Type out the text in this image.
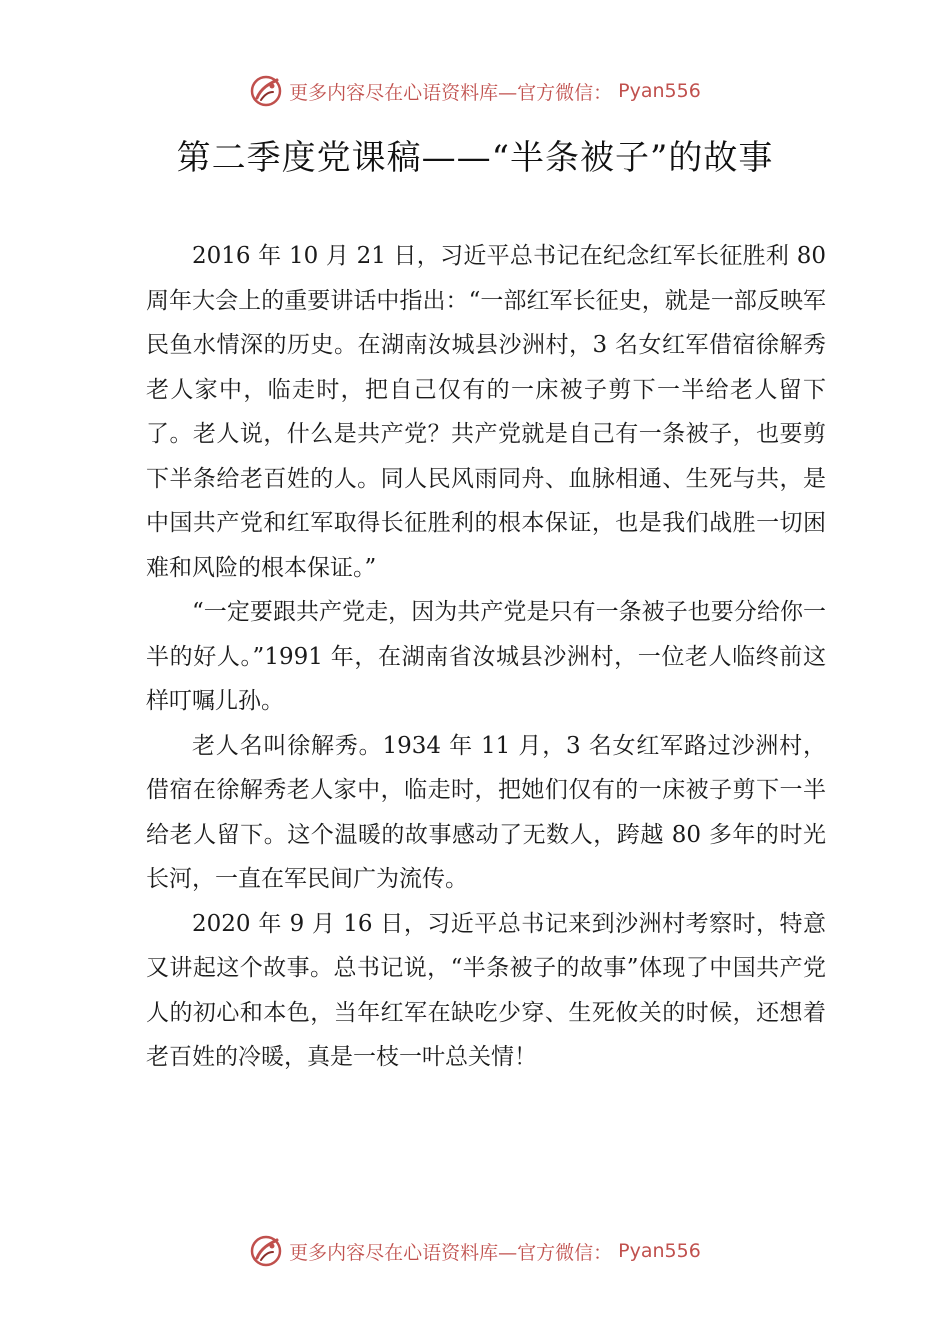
更多内容尽在心语资料库—官方微信： Pyan556
第二季度党课稿——“半条被子”的故事

2016 年 10 月 21 日，习近平总书记在纪念红军长征胜利 80 周年大会上的重要讲话中指出：“一部红军长征史，就是一部反映军民鱼水情深的历史。在湖南汝城县沙洲村，3 名女红军借宿徐解秀老人家中，临走时，把自己仅有的一床被子剪下一半给老人留下了。老人说，什么是共产党？共产党就是自己有一条被子，也要剪下半条给老百姓的人。同人民风雨同舟、血脉相通、生死与共，是中国共产党和红军取得长征胜利的根本保证，也是我们战胜一切困难和风险的根本保证。”

“一定要跟共产党走，因为共产党是只有一条被子也要分给你一半的好人。”1991 年，在湖南省汝城县沙洲村，一位老人临终前这样叮嘱儿孙。

老人名叫徐解秀。1934 年 11 月，3 名女红军路过沙洲村，借宿在徐解秀老人家中，临走时，把她们仅有的一床被子剪下一半给老人留下。这个温暖的故事感动了无数人，跨越 80 多年的时光长河，一直在军民间广为流传。

2020 年 9 月 16 日，习近平总书记来到沙洲村考察时，特意又讲起这个故事。总书记说，“半条被子的故事”体现了中国共产党人的初心和本色，当年红军在缺吃少穿、生死攸关的时候，还想着老百姓的冷暖，真是一枝一叶总关情！

更多内容尽在心语资料库—官方微信： Pyan556
